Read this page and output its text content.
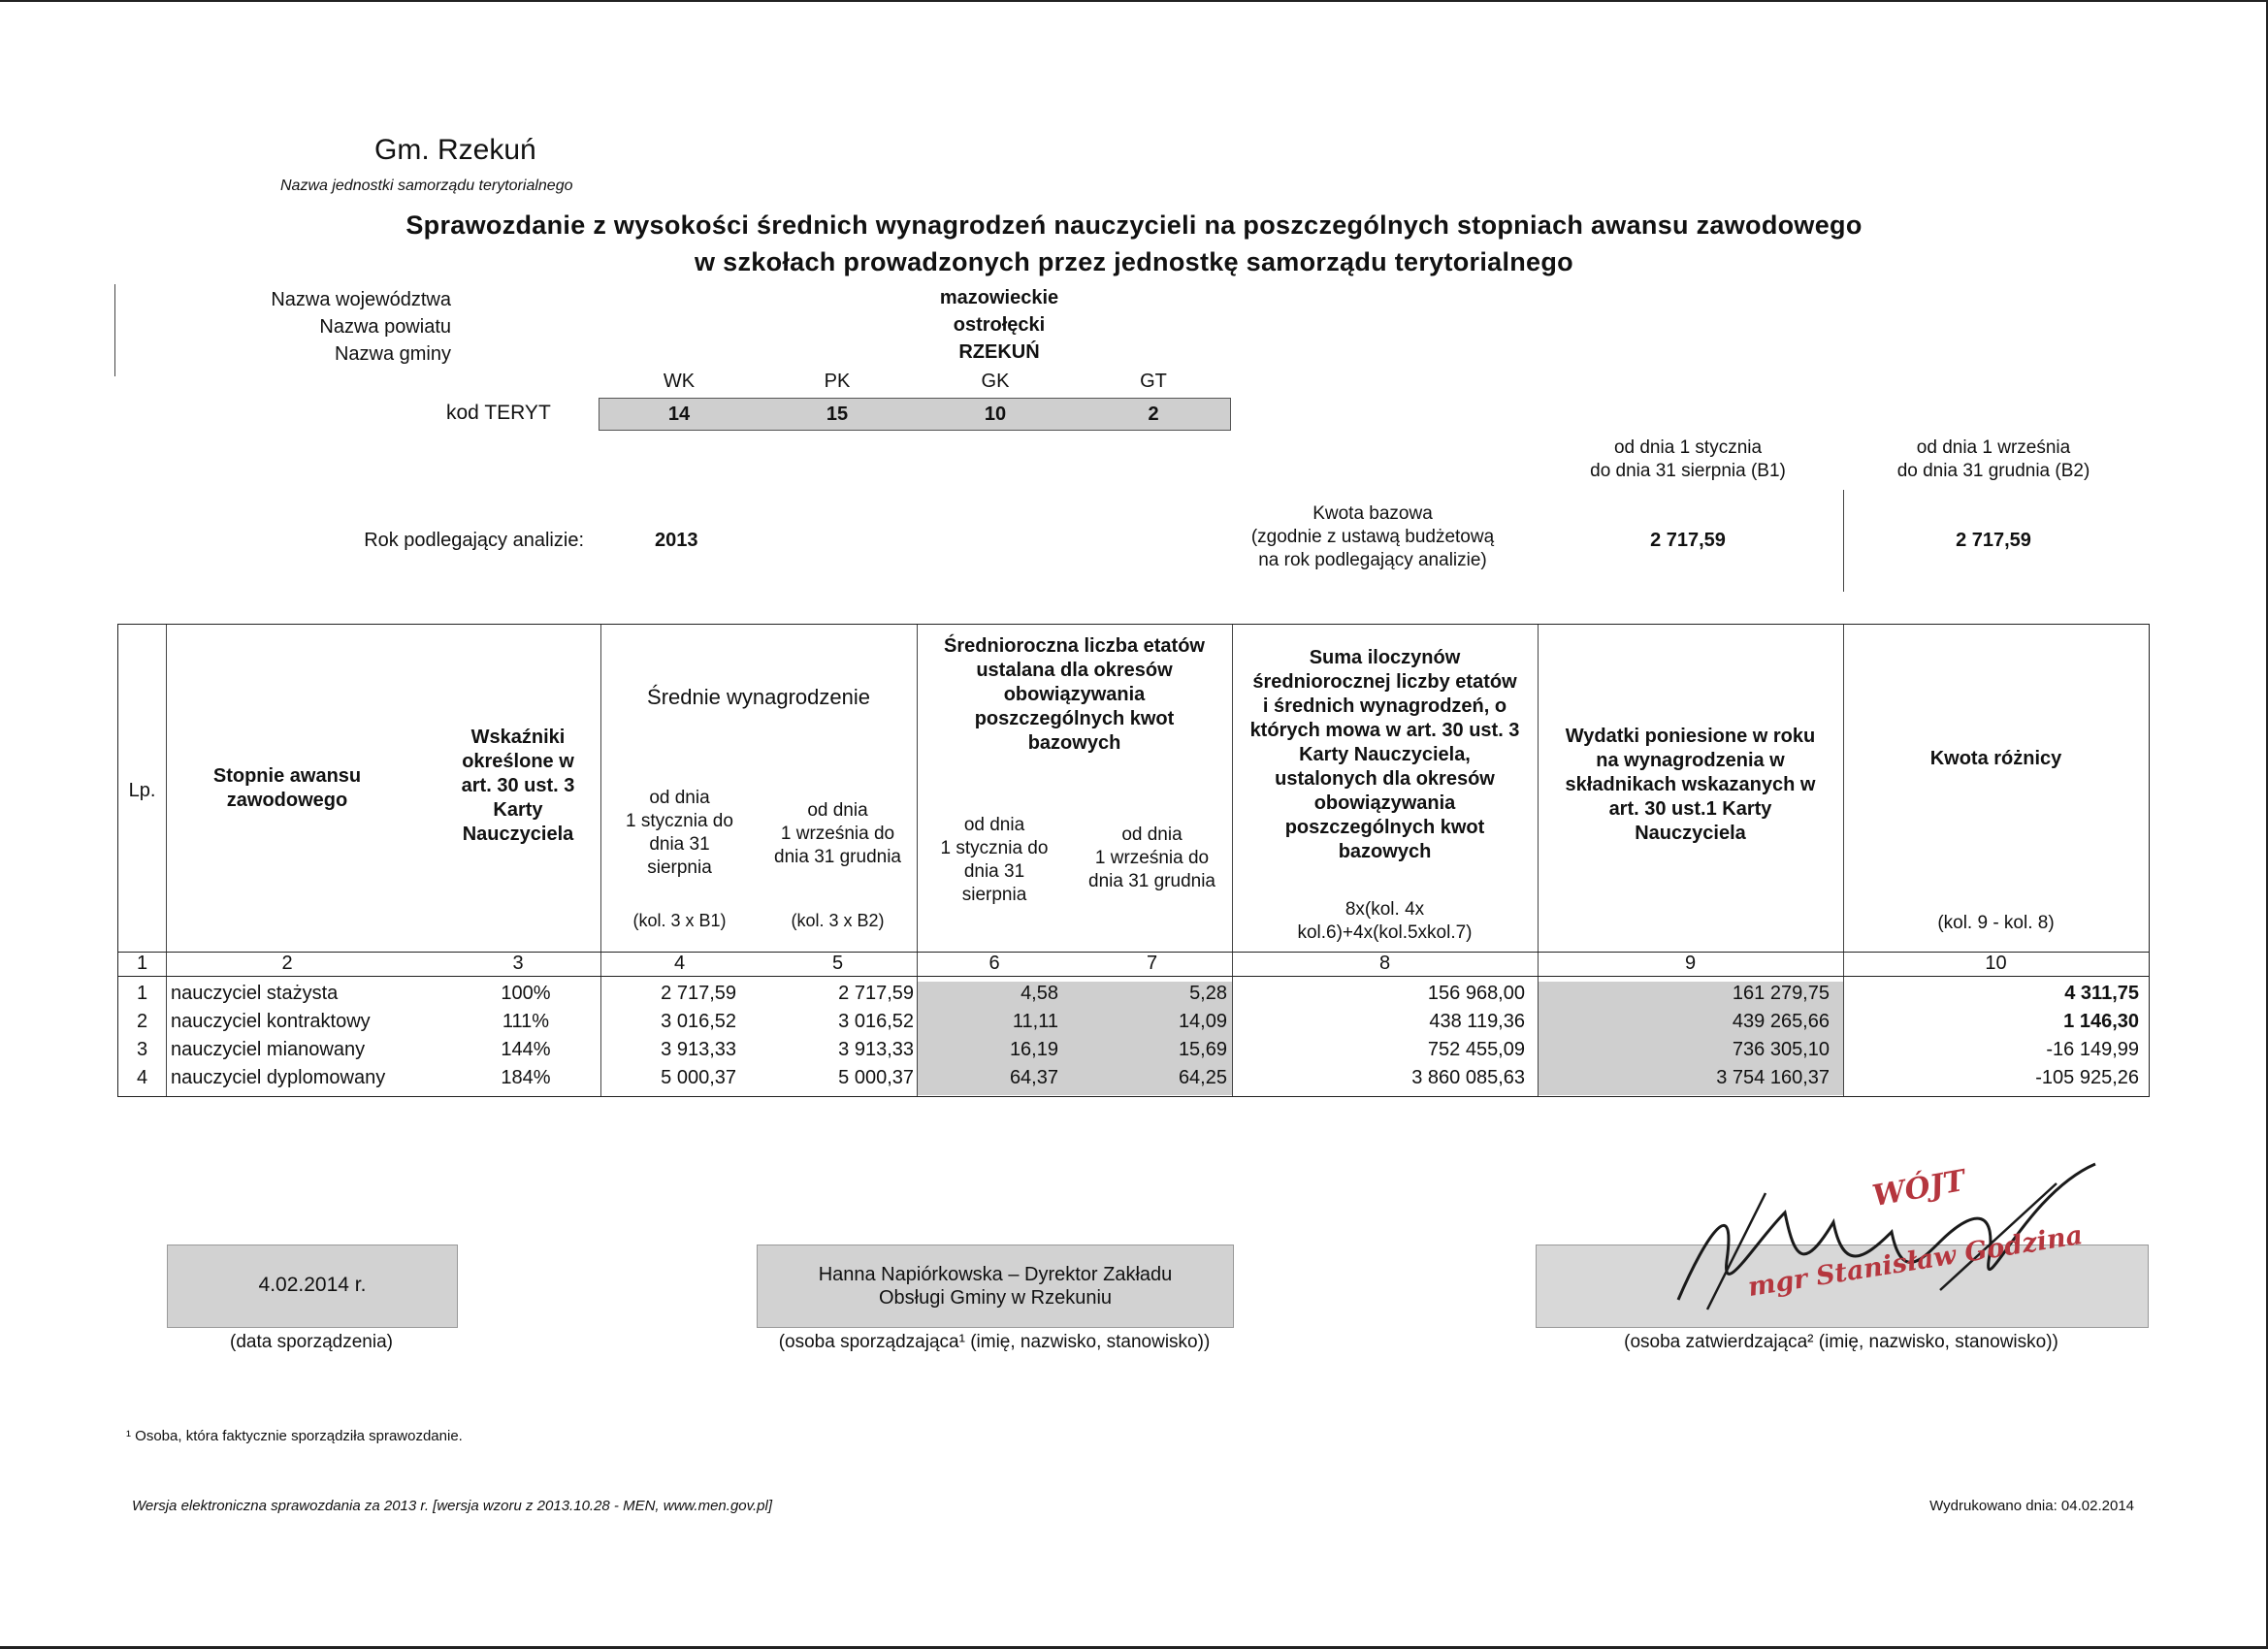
Gm. Rzekuń
Nazwa jednostki samorządu terytorialnego
Sprawozdanie z wysokości średnich wynagrodzeń nauczycieli na poszczególnych stopniach awansu zawodowego
w szkołach prowadzonych przez jednostkę samorządu terytorialnego
Nazwa województwa	mazowieckie
Nazwa powiatu	ostrołęcki
Nazwa gminy	RZEKUŃ
WK	PK	GK	GT
kod TERYT	14	15	10	2
od dnia 1 stycznia
do dnia 31 sierpnia (B1)
od dnia 1 września
do dnia 31 grudnia (B2)
Rok podlegający analizie:	2013
Kwota bazowa
(zgodnie z ustawą budżetową
na rok podlegający analizie)
2 717,59	2 717,59
Lp.
Stopnie awansu
zawodowego
Wskaźniki
określone w
art. 30 ust. 3
Karty
Nauczyciela
Średnie wynagrodzenie
od dnia
1 stycznia do
dnia 31
sierpnia
od dnia
1 września do
dnia 31 grudnia
(kol. 3 x B1)	(kol. 3 x B2)
Średnioroczna liczba etatów
ustalana dla okresów
obowiązywania
poszczególnych kwot
bazowych
od dnia
1 stycznia do
dnia 31
sierpnia
od dnia
1 września do
dnia 31 grudnia
Suma iloczynów
średniorocznej liczby etatów
i średnich wynagrodzeń, o
których mowa w art. 30 ust. 3
Karty Nauczyciela,
ustalonych dla okresów
obowiązywania
poszczególnych kwot
bazowych
8x(kol. 4x
kol.6)+4x(kol.5xkol.7)
Wydatki poniesione w roku
na wynagrodzenia w
składnikach wskazanych w
art. 30 ust.1 Karty
Nauczyciela
Kwota różnicy
(kol. 9 - kol. 8)
1	2	3	4	5	6	7	8	9	10
1	nauczyciel stażysta	100%	2 717,59	2 717,59	4,58	5,28	156 968,00	161 279,75	4 311,75
2	nauczyciel kontraktowy	111%	3 016,52	3 016,52	11,11	14,09	438 119,36	439 265,66	1 146,30
3	nauczyciel mianowany	144%	3 913,33	3 913,33	16,19	15,69	752 455,09	736 305,10	-16 149,99
4	nauczyciel dyplomowany	184%	5 000,37	5 000,37	64,37	64,25	3 860 085,63	3 754 160,37	-105 925,26
4.02.2014 r.
(data sporządzenia)
Hanna Napiórkowska – Dyrektor Zakładu
Obsługi Gminy w Rzekuniu
(osoba sporządzająca¹ (imię, nazwisko, stanowisko))
WÓJT
mgr Stanisław Godzina
(osoba zatwierdzająca² (imię, nazwisko, stanowisko))
¹ Osoba, która faktycznie sporządziła sprawozdanie.
Wersja elektroniczna sprawozdania za 2013 r. [wersja wzoru z 2013.10.28 - MEN, www.men.gov.pl]	Wydrukowano dnia: 04.02.2014
